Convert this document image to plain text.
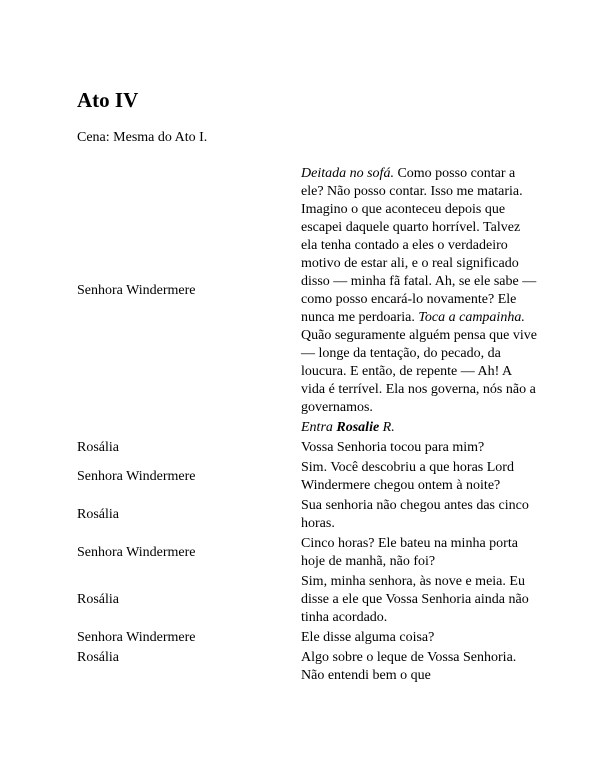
Ato IV

Cena: Mesma do Ato I.

Senhora Windermere	Deitada no sofá. Como posso contar a ele? Não posso contar. Isso me mataria. Imagino o que aconteceu depois que escapei daquele quarto horrível. Talvez ela tenha contado a eles o verdadeiro motivo de estar ali, e o real significado disso — minha fã fatal. Ah, se ele sabe — como posso encará-lo novamente? Ele nunca me perdoaria. Toca a campainha. Quão seguramente alguém pensa que vive — longe da tentação, do pecado, da loucura. E então, de repente — Ah! A vida é terrível. Ela nos governa, nós não a governamos.
	Entra Rosalie R.
Rosália	Vossa Senhoria tocou para mim?
Senhora Windermere	Sim. Você descobriu a que horas Lord Windermere chegou ontem à noite?
Rosália	Sua senhoria não chegou antes das cinco horas.
Senhora Windermere	Cinco horas? Ele bateu na minha porta hoje de manhã, não foi?
Rosália	Sim, minha senhora, às nove e meia. Eu disse a ele que Vossa Senhoria ainda não tinha acordado.
Senhora Windermere	Ele disse alguma coisa?
Rosália	Algo sobre o leque de Vossa Senhoria. Não entendi bem o que
